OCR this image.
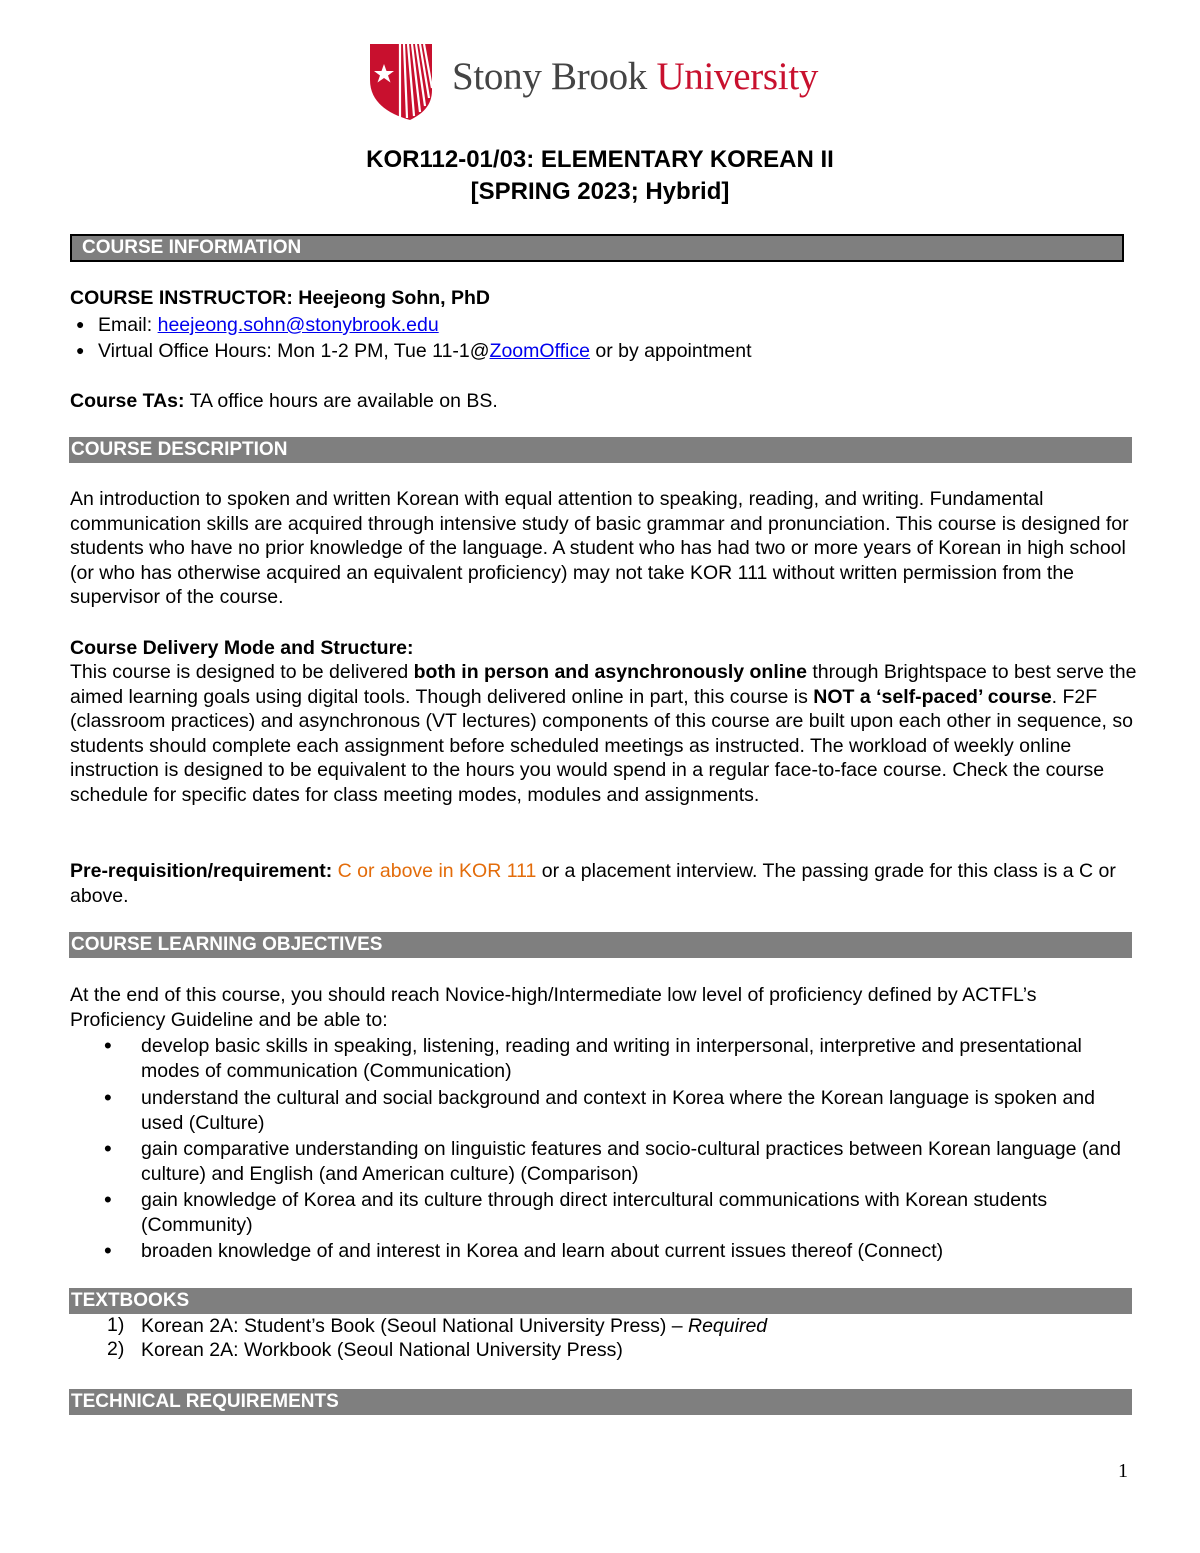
Stony Brook University
KOR112-01/03: ELEMENTARY KOREAN II
[SPRING 2023; Hybrid]
COURSE INFORMATION
COURSE INSTRUCTOR: Heejeong Sohn, PhD
● Email: heejeong.sohn@stonybrook.edu
● Virtual Office Hours: Mon 1-2 PM, Tue 11-1@ZoomOffice or by appointment
Course TAs: TA office hours are available on BS.
COURSE DESCRIPTION
An introduction to spoken and written Korean with equal attention to speaking, reading, and writing. Fundamental communication skills are acquired through intensive study of basic grammar and pronunciation. This course is designed for students who have no prior knowledge of the language. A student who has had two or more years of Korean in high school (or who has otherwise acquired an equivalent proficiency) may not take KOR 111 without written permission from the supervisor of the course.
Course Delivery Mode and Structure:
This course is designed to be delivered both in person and asynchronously online through Brightspace to best serve the aimed learning goals using digital tools. Though delivered online in part, this course is NOT a ‘self-paced’ course. F2F (classroom practices) and asynchronous (VT lectures) components of this course are built upon each other in sequence, so students should complete each assignment before scheduled meetings as instructed. The workload of weekly online instruction is designed to be equivalent to the hours you would spend in a regular face-to-face course. Check the course schedule for specific dates for class meeting modes, modules and assignments.
Pre-requisition/requirement: C or above in KOR 111 or a placement interview. The passing grade for this class is a C or above.
COURSE LEARNING OBJECTIVES
At the end of this course, you should reach Novice-high/Intermediate low level of proficiency defined by ACTFL’s Proficiency Guideline and be able to:
• develop basic skills in speaking, listening, reading and writing in interpersonal, interpretive and presentational modes of communication (Communication)
• understand the cultural and social background and context in Korea where the Korean language is spoken and used (Culture)
• gain comparative understanding on linguistic features and socio-cultural practices between Korean language (and culture) and English (and American culture) (Comparison)
• gain knowledge of Korea and its culture through direct intercultural communications with Korean students (Community)
• broaden knowledge of and interest in Korea and learn about current issues thereof (Connect)
TEXTBOOKS
1) Korean 2A: Student’s Book (Seoul National University Press) – Required
2) Korean 2A: Workbook (Seoul National University Press)
TECHNICAL REQUIREMENTS
1
